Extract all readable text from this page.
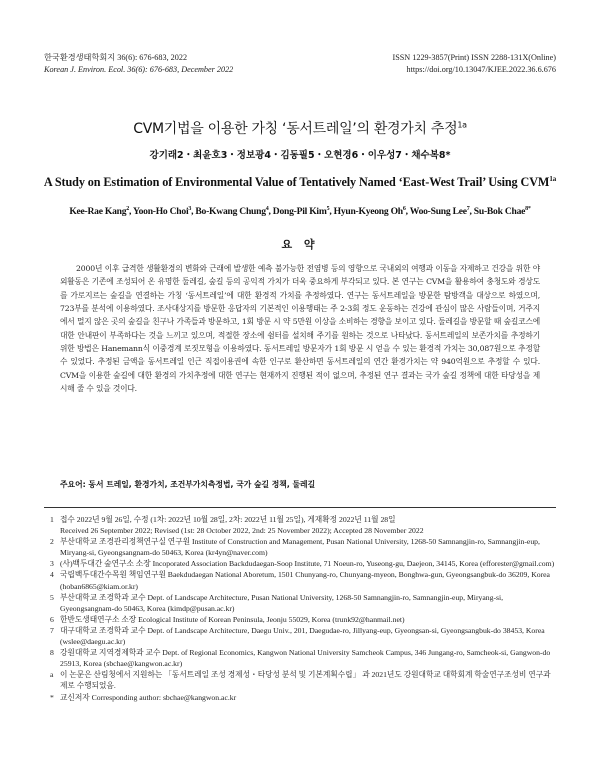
한국환경생태학회지 36(6): 676-683, 2022
Korean J. Environ. Ecol. 36(6): 676-683, December 2022
ISSN 1229-3857(Print) ISSN 2288-131X(Online)
https://doi.org/10.13047/KJEE.2022.36.6.676
CVM기법을 이용한 가칭 ‘동서트레일’의 환경가치 추정$^{1a}$
강기래2・최윤호3・정보광4・김동필5・오현경6・이우성7・채수복8*
A Study on Estimation of Environmental Value of Tentatively Named ‘East-West Trail’ Using $CVM^{1a}$
Kee-Rae Kang$^2$, Yoon-Ho Choi$^3$, Bo-Kwang Chung$^4$, Dong-Pil Kim$^5$, Hyun-Kyeong Oh$^6$, Woo-Sung Lee$^7$, Su-Bok Chae$^{8*}$
요 약

2000년 이후 급격한 생활환경의 변화와 근래에 발생한 예측 불가능한 전염병 등의 영향으로 국내외의 여행과 이동을 자제하고 건강을 위한 야외활동은 기존에 조성되어 온 유명한 둘레길, 숲길 등의 공익적 가치가 더욱 중요하게 부각되고 있다. 본 연구는 CVM을 활용하여 충청도와 경상도를 가로지르는 숲길을 연결하는 가칭 ‘동서트레일’에 대한 환경적 가치를 추정하였다. 연구는 동서트레일을 방문한 탐방객을 대상으로 하였으며, 723부를 분석에 이용하였다. 조사대상지를 방문한 응답자의 기본적인 이용행태는 주 2-3회 정도 운동하는 건강에 관심이 많은 사람들이며, 거주지에서 멀지 않은 곳의 숲길을 친구나 가족들과 방문하고, 1회 방문 시 약 5만원 이상을 소비하는 경향을 보이고 있다. 둘레길을 방문할 때 숲길코스에 대한 안내판이 부족하다는 것을 느끼고 있으며, 적절한 장소에 쉼터를 설치해 주기를 원하는 것으로 나타났다. 동서트레일의 보존가치를 추정하기 위한 방법은 Hanemann식 이중경계 로짓모형을 이용하였다. 동서트레일 방문자가 1회 방문 시 얻을 수 있는 환경적 가치는 30,087원으로 추정할 수 있었다. 추정된 금액을 동서트레일 인근 직접이용권에 속한 인구로 환산하면 동서트레일의 연간 환경가치는 약 940억원으로 추정할 수 있다. CVM을 이용한 숲길에 대한 환경의 가치추정에 대한 연구는 현재까지 진행된 적이 없으며, 추정된 연구 결과는 국가 숲길 정책에 대한 타당성을 제시해 줄 수 있을 것이다.

주요어: 동서 트레일, 환경가치, 조건부가치측정법, 국가 숲길 정책, 둘레길
1 접수 2022년 9월 26일, 수정 (1차: 2022년 10월 28일, 2차: 2022년 11월 25일), 게재확정 2022년 11월 28일
Received 26 September 2022; Revised (1st: 28 October 2022, 2nd: 25 November 2022); Accepted 28 November 2022
2 부산대학교 조경관리정책연구실 연구원 Institute of Construction and Management, Pusan National University, 1268-50 Samnangjin-ro, Samnangjin-eup, Miryang-si, Gyeongsangnam-do 50463, Korea (kr4yn@naver.com)
3 (사)백두대간 숲연구소 소장 Incoporated Association Backdudaegan-Soop Institute, 71 Noeun-ro, Yuseong-gu, Daejeon, 34145, Korea (efforester@gmail.com)
4 국립백두대간수목원 책임연구원 Baekdudaegan National Aboretum, 1501 Chunyang-ro, Chunyang-myeon, Bonghwa-gun, Gyeongsangbuk-do 36209, Korea (hoban6865@kiam.or.kr)
5 부산대학교 조경학과 교수 Dept. of Landscape Architecture, Pusan National University, 1268-50 Samnangjin-ro, Samnangjin-eup, Miryang-si, Gyeongsangnam-do 50463, Korea (kimdp@pusan.ac.kr)
6 한반도생태연구소 소장 Ecological Institute of Korean Peninsula, Jeonju 55029, Korea (trunk92@hanmail.net)
7 대구대학교 조경학과 교수 Dept. of Landscape Architecture, Daegu Univ., 201, Daegudae-ro, Jillyang-eup, Gyeongsan-si, Gyeongsangbuk-do 38453, Korea (wslee@daegu.ac.kr)
8 강원대학교 지역경제학과 교수 Dept. of Regional Economics, Kangwon National University Samcheok Campus, 346 Jungang-ro, Samcheok-si, Gangwon-do 25913, Korea (sbchae@kangwon.ac.kr)
a 이 논문은 산림청에서 지원하는 「동서트레일 조성 경제성・타당성 분석 및 기본계획수립」 과 2021년도 강원대학교 대학회계 학술연구조성비 연구과제로 수행되었음.
* 교신저자 Corresponding author: sbchae@kangwon.ac.kr
